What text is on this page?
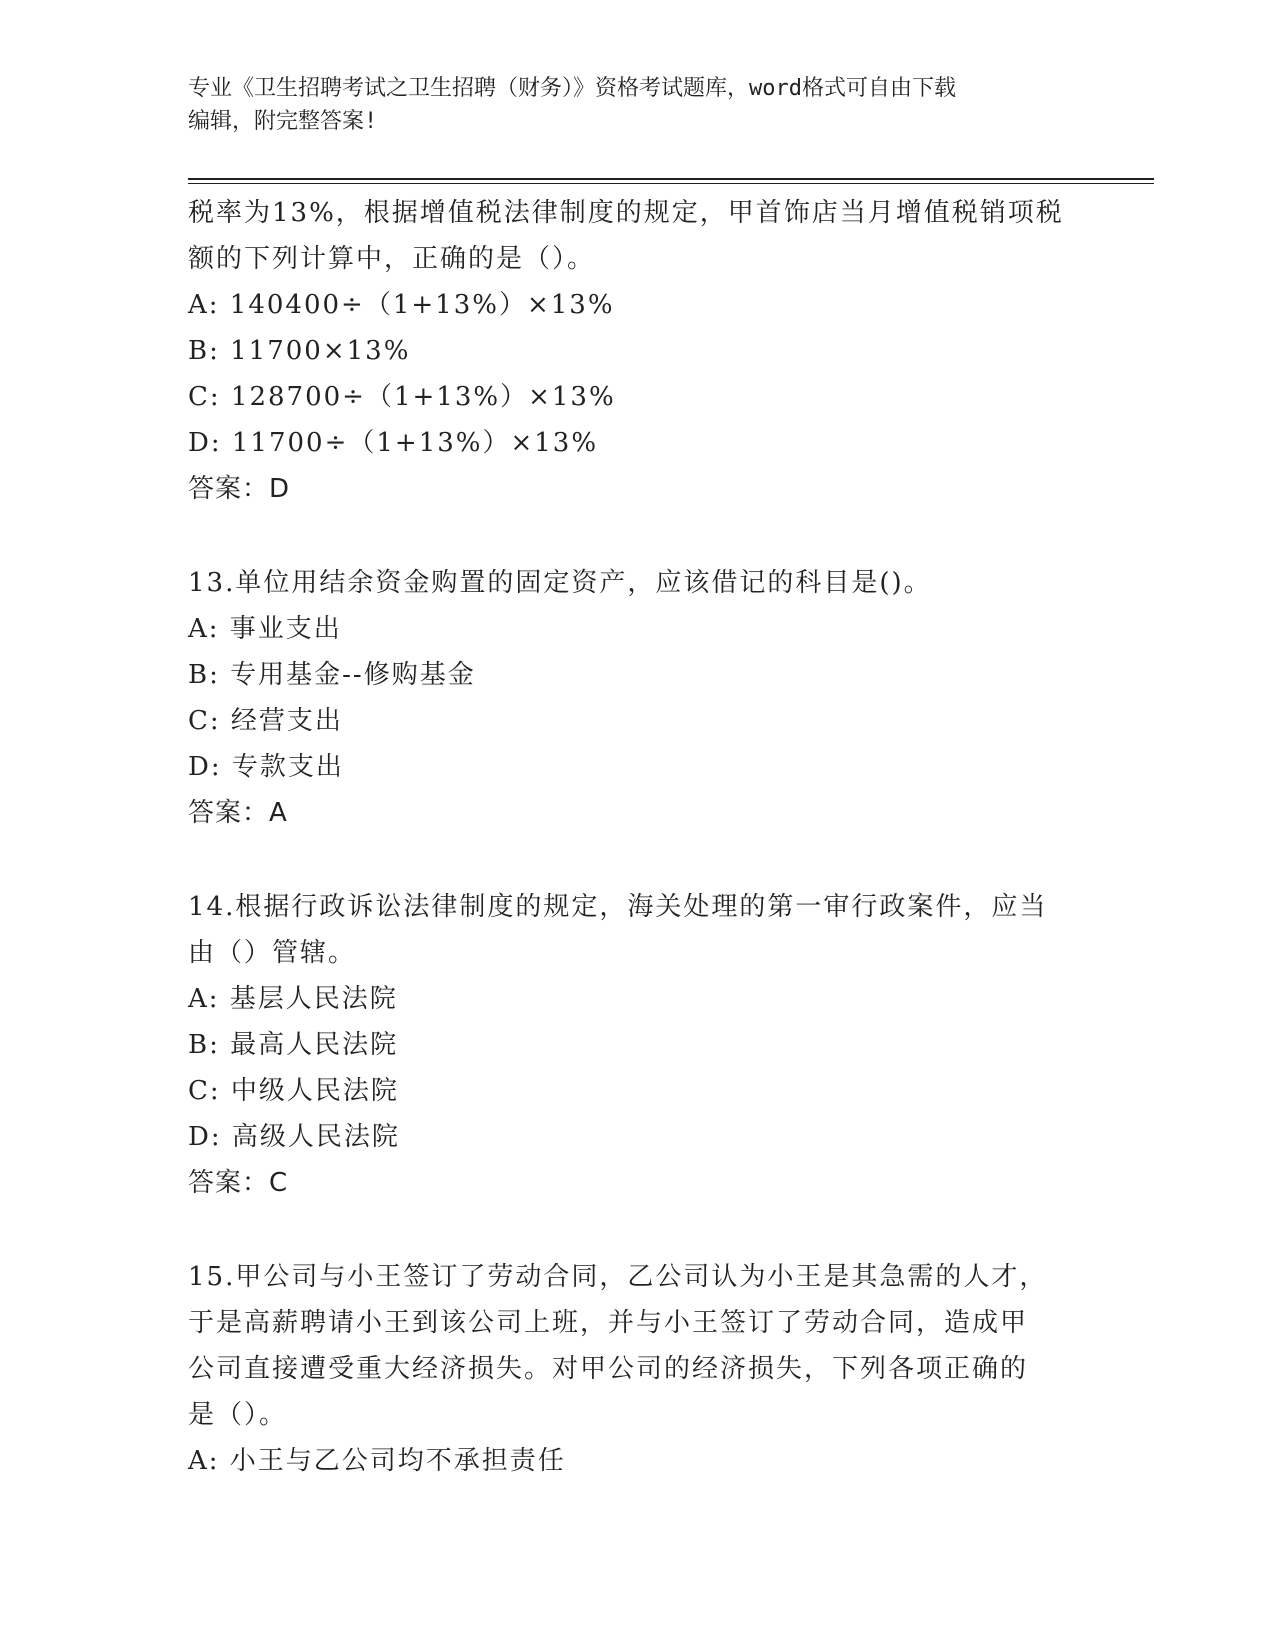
专业《卫生招聘考试之卫生招聘（财务）》资格考试题库，word格式可自由下载
编辑，附完整答案!
税率为13%，根据增值税法律制度的规定，甲首饰店当月增值税销项税
额的下列计算中，正确的是（）。
A: 140400÷（1+13%）×13%
B: 11700×13%
C: 128700÷（1+13%）×13%
D: 11700÷（1+13%）×13%
答案：D
13.单位用结余资金购置的固定资产，应该借记的科目是()。
A: 事业支出
B: 专用基金--修购基金
C: 经营支出
D: 专款支出
答案：A
14.根据行政诉讼法律制度的规定，海关处理的第一审行政案件，应当
由（）管辖。
A: 基层人民法院
B: 最高人民法院
C: 中级人民法院
D: 高级人民法院
答案：C
15.甲公司与小王签订了劳动合同，乙公司认为小王是其急需的人才，
于是高薪聘请小王到该公司上班，并与小王签订了劳动合同，造成甲
公司直接遭受重大经济损失。对甲公司的经济损失，下列各项正确的
是（）。
A: 小王与乙公司均不承担责任
